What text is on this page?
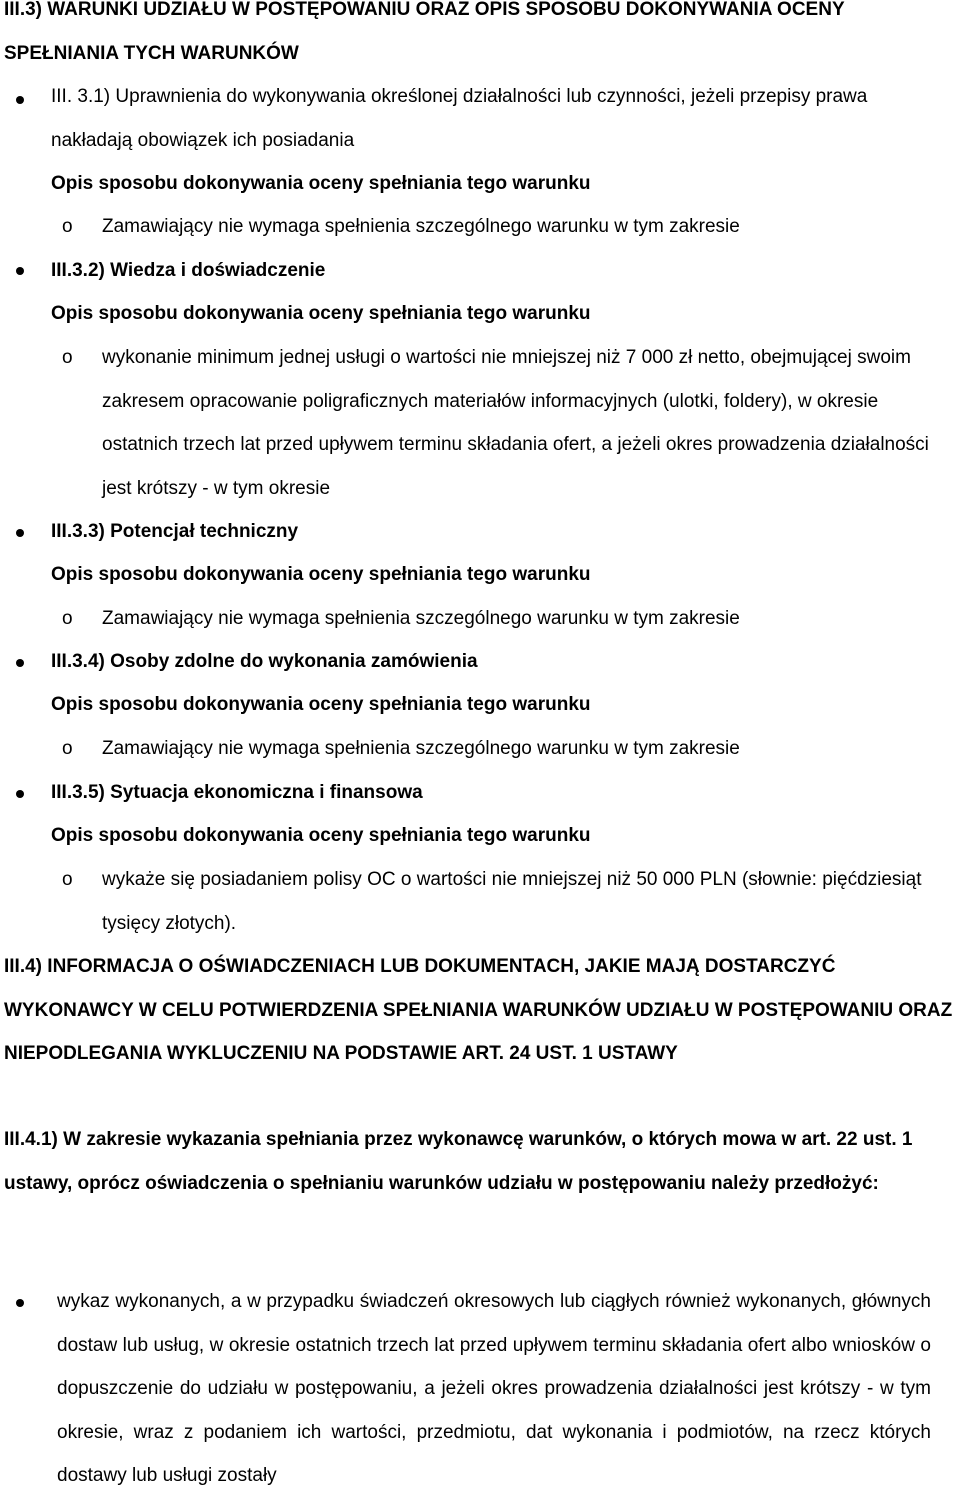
III.3) WARUNKI UDZIAŁU W POSTĘPOWANIU ORAZ OPIS SPOSOBU DOKONYWANIA OCENY SPEŁNIANIA TYCH WARUNKÓW
III. 3.1) Uprawnienia do wykonywania określonej działalności lub czynności, jeżeli przepisy prawa nakładają obowiązek ich posiadania
Opis sposobu dokonywania oceny spełniania tego warunku
o	Zamawiający nie wymaga spełnienia szczególnego warunku w tym zakresie
III.3.2) Wiedza i doświadczenie
Opis sposobu dokonywania oceny spełniania tego warunku
o	wykonanie minimum jednej usługi o wartości nie mniejszej niż 7 000 zł netto, obejmującej swoim zakresem opracowanie poligraficznych materiałów informacyjnych (ulotki, foldery), w okresie ostatnich trzech lat przed upływem terminu składania ofert, a jeżeli okres prowadzenia działalności jest krótszy - w tym okresie
III.3.3) Potencjał techniczny
Opis sposobu dokonywania oceny spełniania tego warunku
o	Zamawiający nie wymaga spełnienia szczególnego warunku w tym zakresie
III.3.4) Osoby zdolne do wykonania zamówienia
Opis sposobu dokonywania oceny spełniania tego warunku
o	Zamawiający nie wymaga spełnienia szczególnego warunku w tym zakresie
III.3.5) Sytuacja ekonomiczna i finansowa
Opis sposobu dokonywania oceny spełniania tego warunku
o	wykaże się posiadaniem polisy OC o wartości nie mniejszej niż 50 000 PLN (słownie: pięćdziesiąt tysięcy złotych).
III.4) INFORMACJA O OŚWIADCZENIACH LUB DOKUMENTACH, JAKIE MAJĄ DOSTARCZYĆ WYKONAWCY W CELU POTWIERDZENIA SPEŁNIANIA WARUNKÓW UDZIAŁU W POSTĘPOWANIU ORAZ NIEPODLEGANIA WYKLUCZENIU NA PODSTAWIE ART. 24 UST. 1 USTAWY
III.4.1) W zakresie wykazania spełniania przez wykonawcę warunków, o których mowa w art. 22 ust. 1 ustawy, oprócz oświadczenia o spełnianiu warunków udziału w postępowaniu należy przedłożyć:
wykaz wykonanych, a w przypadku świadczeń okresowych lub ciągłych również wykonanych, głównych dostaw lub usług, w okresie ostatnich trzech lat przed upływem terminu składania ofert albo wniosków o dopuszczenie do udziału w postępowaniu, a jeżeli okres prowadzenia działalności jest krótszy - w tym okresie, wraz z podaniem ich wartości, przedmiotu, dat wykonania i podmiotów, na rzecz których dostawy lub usługi zostały
